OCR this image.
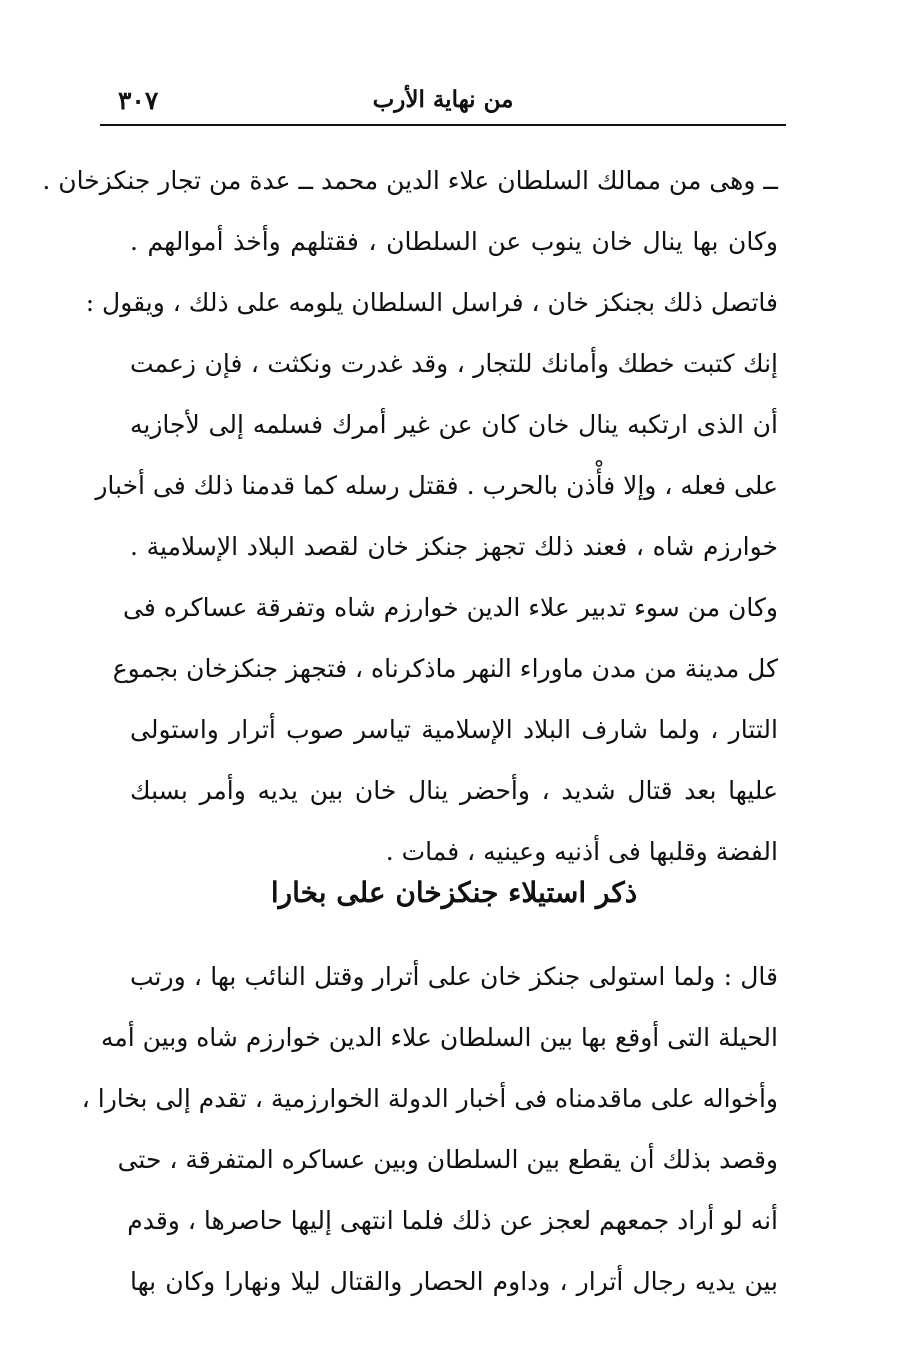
من نهاية الأرب
٣٠٧
ــ وهى من ممالك السلطان علاء الدين محمد ــ عدة من تجار جنكزخان .
وكان بها ينال خان ينوب عن السلطان ، فقتلهم وأخذ أموالهم .
فاتصل ذلك بجنكز خان ، فراسل السلطان يلومه على ذلك ، ويقول :
إنك كتبت خطك وأمانك للتجار ، وقد غدرت ونكثت ، فإن زعمت
أن الذى ارتكبه ينال خان كان عن غير أمرك فسلمه إلى لأجازيه
على فعله ، وإلا فأْذن بالحرب . فقتل رسله كما قدمنا ذلك فى أخبار
خوارزم شاه ، فعند ذلك تجهز جنكز خان لقصد البلاد الإسلامية .
وكان من سوء تدبير علاء الدين خوارزم شاه وتفرقة عساكره فى
كل مدينة من مدن ماوراء النهر ماذكرناه ، فتجهز جنكزخان بجموع
التتار ، ولما شارف البلاد الإسلامية تياسر صوب أترار واستولى
عليها بعد قتال شديد ، وأحضر ينال خان بين يديه وأمر بسبك
الفضة وقلبها فى أذنيه وعينيه ، فمات .
ذكر استيلاء جنكزخان على بخارا
قال : ولما استولى جنكز خان على أترار وقتل النائب بها ، ورتب
الحيلة التى أوقع بها بين السلطان علاء الدين خوارزم شاه وبين أمه
وأخواله على ماقدمناه فى أخبار الدولة الخوارزمية ، تقدم إلى بخارا ،
وقصد بذلك أن يقطع بين السلطان وبين عساكره المتفرقة ، حتى
أنه لو أراد جمعهم لعجز عن ذلك فلما انتهى إليها حاصرها ، وقدم
بين يديه رجال أترار ، وداوم الحصار والقتال ليلا ونهارا وكان بها
